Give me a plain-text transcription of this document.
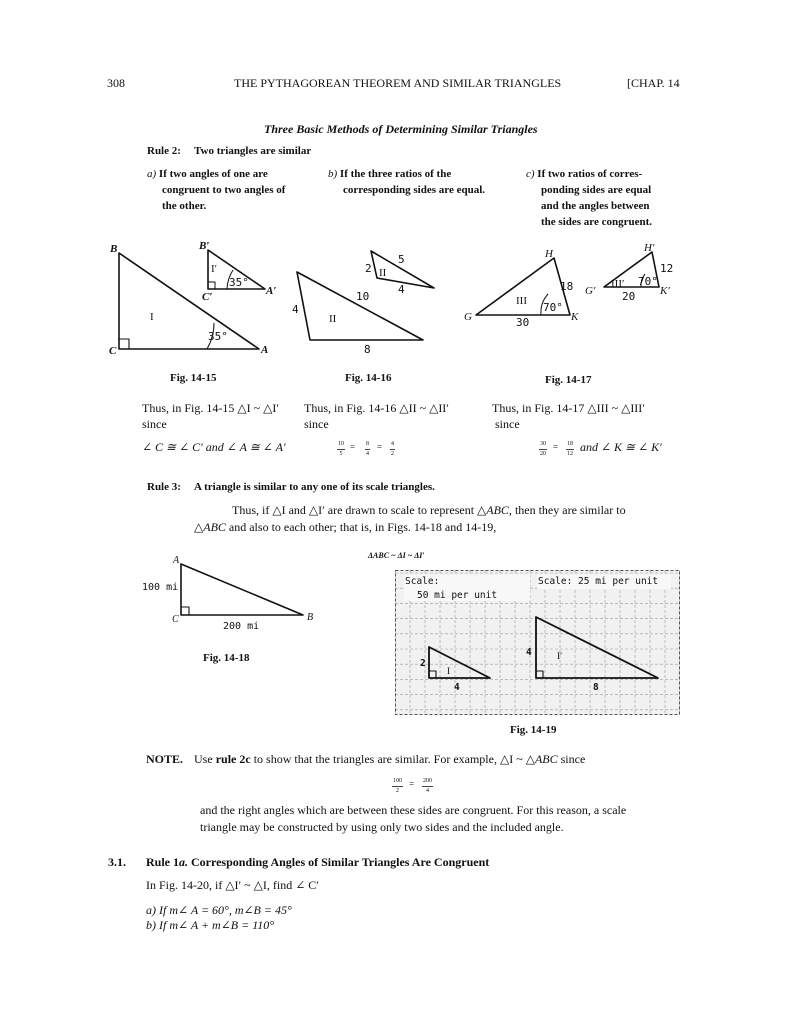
308	THE PYTHAGOREAN THEOREM AND SIMILAR TRIANGLES	[CHAP. 14
Three Basic Methods of Determining Similar Triangles
Rule 2: Two triangles are similar
a) If two angles of one are
congruent to two angles of
the other.
b) If the three ratios of the
corresponding sides are equal.
c) If two ratios of corres-
ponding sides are equal
and the angles between
the sides are congruent.
B
C	A
I
35°
B′
C′	A′
I′
35°
II
2
5
4
II
4
10
8
H
G	K
III 70°
30
18
H′
G′	K′
III′ 70°
20
12
Fig. 14-15	Fig. 14-16	Fig. 14-17
Thus, in Fig. 14-15 △I ~ △I′
since
∠ C ≅ ∠ C′ and ∠ A ≅ ∠ A′
Thus, in Fig. 14-16 △II ~ △II′
since
$\frac{10}{5} = \frac{8}{4} = \frac{4}{2}$
Thus, in Fig. 14-17 △III ~ △III′
since
$\frac{30}{20} = \frac{18}{12}$ and ∠ K ≅ ∠ K′
Rule 3: A triangle is similar to any one of its scale triangles.
Thus, if △I and △I′ are drawn to scale to represent △ABC, then they are similar to
△ABC and also to each other; that is, in Figs. 14-18 and 14-19,
A
C	B
100 mi
200 mi
Fig. 14-18
ΔABC ~ ΔI ~ ΔI′
Scale:
50 mi per unit
Scale: 25 mi per unit
I
2
4
I′
4
8
Fig. 14-19
NOTE. Use rule 2c to show that the triangles are similar. For example, △I ~ △ABC since
$\frac{100}{2} = \frac{200}{4}$
and the right angles which are between these sides are congruent. For this reason, a scale
triangle may be constructed by using only two sides and the included angle.
3.1. Rule 1a. Corresponding Angles of Similar Triangles Are Congruent
In Fig. 14-20, if △I′ ~ △I, find ∠ C′
a) If m∠ A = 60°, m∠B = 45°
b) If m∠ A + m∠B = 110°
